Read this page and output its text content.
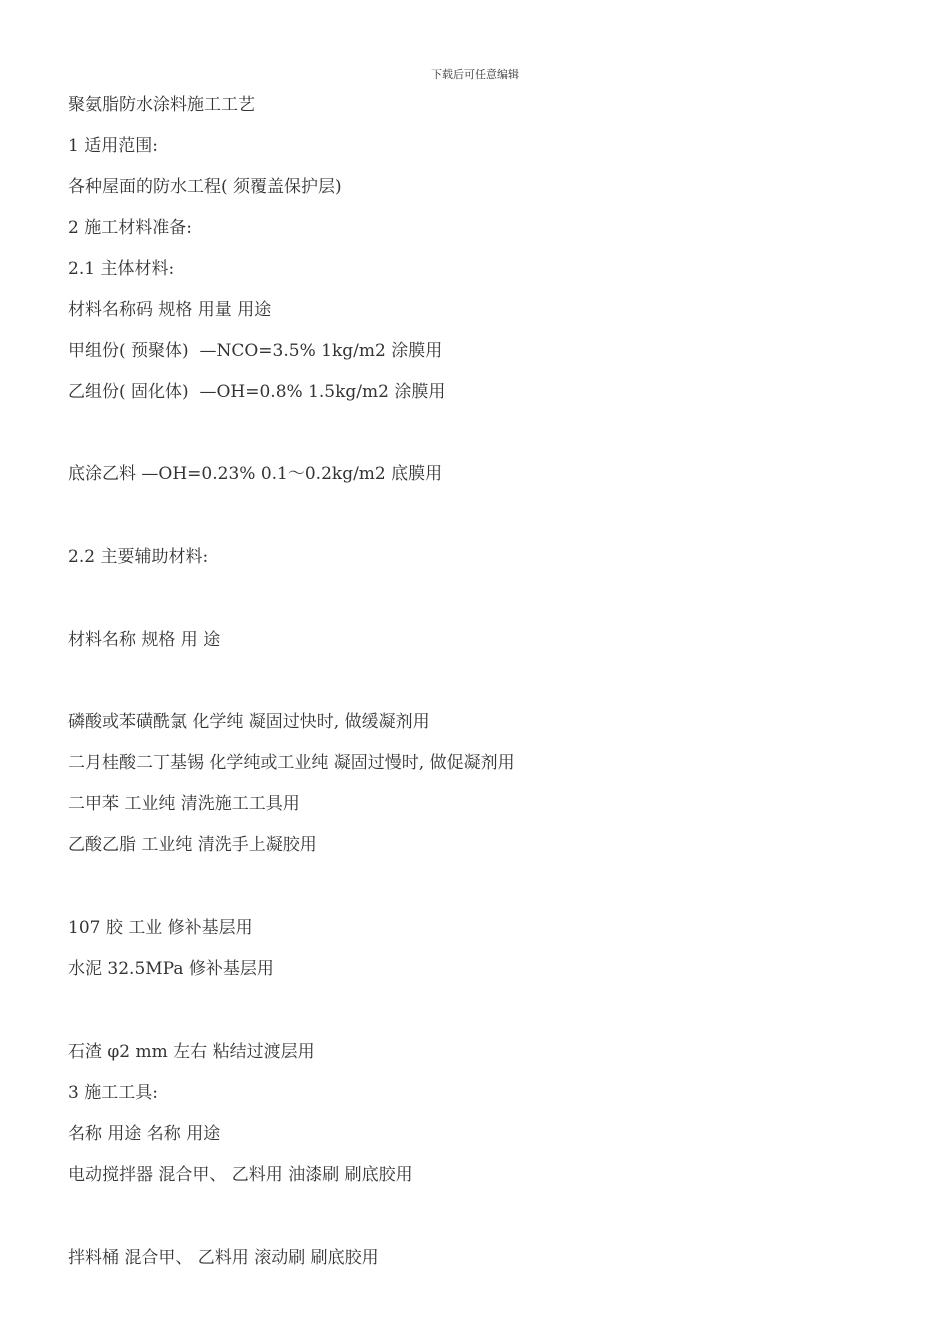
下载后可任意编辑
聚氨脂防水涂料施工工艺
1 适用范围:
各种屋面的防水工程( 须覆盖保护层)
2 施工材料准备:
2.1 主体材料:
材料名称码 规格 用量 用途
甲组份( 预聚体)  —NCO=3.5% 1kg/m2 涂膜用
乙组份( 固化体)  —OH=0.8% 1.5kg/m2 涂膜用
底涂乙料 —OH=0.23% 0.1～0.2kg/m2 底膜用
2.2 主要辅助材料:
材料名称 规格 用 途
磷酸或苯磺酰氯 化学纯 凝固过快时, 做缓凝剂用
二月桂酸二丁基锡 化学纯或工业纯 凝固过慢时, 做促凝剂用
二甲苯 工业纯 清洗施工工具用
乙酸乙脂 工业纯 清洗手上凝胶用
107 胶 工业 修补基层用
水泥 32.5MPa 修补基层用
石渣 φ2 mm 左右 粘结过渡层用
3 施工工具:
名称 用途 名称 用途
电动搅拌器 混合甲、 乙料用 油漆刷 刷底胶用
拌料桶 混合甲、 乙料用 滚动刷 刷底胶用
